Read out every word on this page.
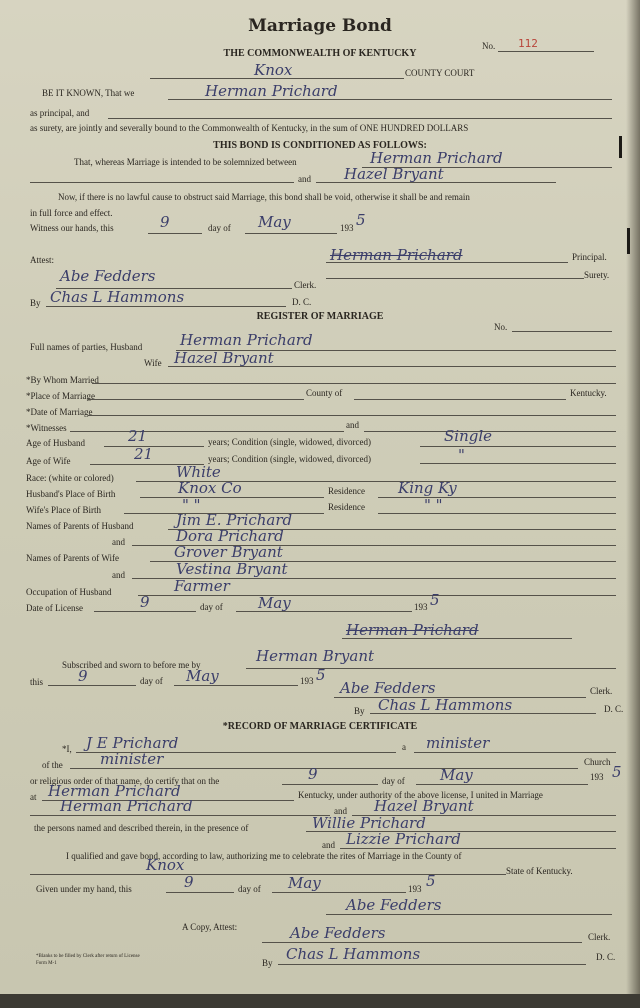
Marriage Bond
THE COMMONWEALTH OF KENTUCKY
No. 112
Knox	COUNTY COURT
BE IT KNOWN, That we	Herman Prichard
as principal, and
as surety, are jointly and severally bound to the Commonwealth of Kentucky, in the sum of ONE HUNDRED DOLLARS
THIS BOND IS CONDITIONED AS FOLLOWS:
That, whereas Marriage is intended to be solemnized between	Herman Prichard
and Hazel Bryant
Now, if there is no lawful cause to obstruct said Marriage, this bond shall be void, otherwise it shall be and remain
in full force and effect.
Witness our hands, this	9	day of May	193 5
Attest:	Herman Prichard	Principal.
Surety.
Abe Fedders	Clerk.
By Chas L Hammons	D. C.
REGISTER OF MARRIAGE
No.
Full names of parties, Husband	Herman Prichard
Wife Hazel Bryant
*By Whom Married
*Place of Marriage	County of	Kentucky.
*Date of Marriage
*Witnesses	and
Age of Husband	21	years; Condition (single, widowed, divorced)	Single
Age of Wife	21	years; Condition (single, widowed, divorced)	"
Race: (white or colored)	White
Husband's Place of Birth	Knox Co	Residence King Ky
Wife's Place of Birth	" "	Residence	" "
Names of Parents of Husband	Jim E. Prichard
and	Dora Prichard
Names of Parents of Wife	Grover Bryant
and	Vestina Bryant
Occupation of Husband	Farmer
Date of License	9	day of May	193 5
Herman Prichard
Subscribed and sworn to before me by	Herman Bryant
this 9	day of May	193 5
Abe Fedders	Clerk.
By Chas L Hammons	D. C.
*RECORD OF MARRIAGE CERTIFICATE
*I, J E Prichard	a minister
of the minister	Church
or religious order of that name, do certify that on the	9	day of May	193 5
at Herman Prichard	Kentucky, under authority of the above license, I united in Marriage
Herman Prichard	and Hazel Bryant
the persons named and described therein, in the presence of	Willie Prichard
and Lizzie Prichard
I qualified and gave bond, according to law, authorizing me to celebrate the rites of Marriage in the County of
Knox	State of Kentucky.
Given under my hand, this	9	day of May	193 5
Abe Fedders
A Copy, Attest:	Abe Fedders	Clerk.
By Chas L Hammons	D. C.
*Blanks to be filled by Clerk after return of License
Form M-1
